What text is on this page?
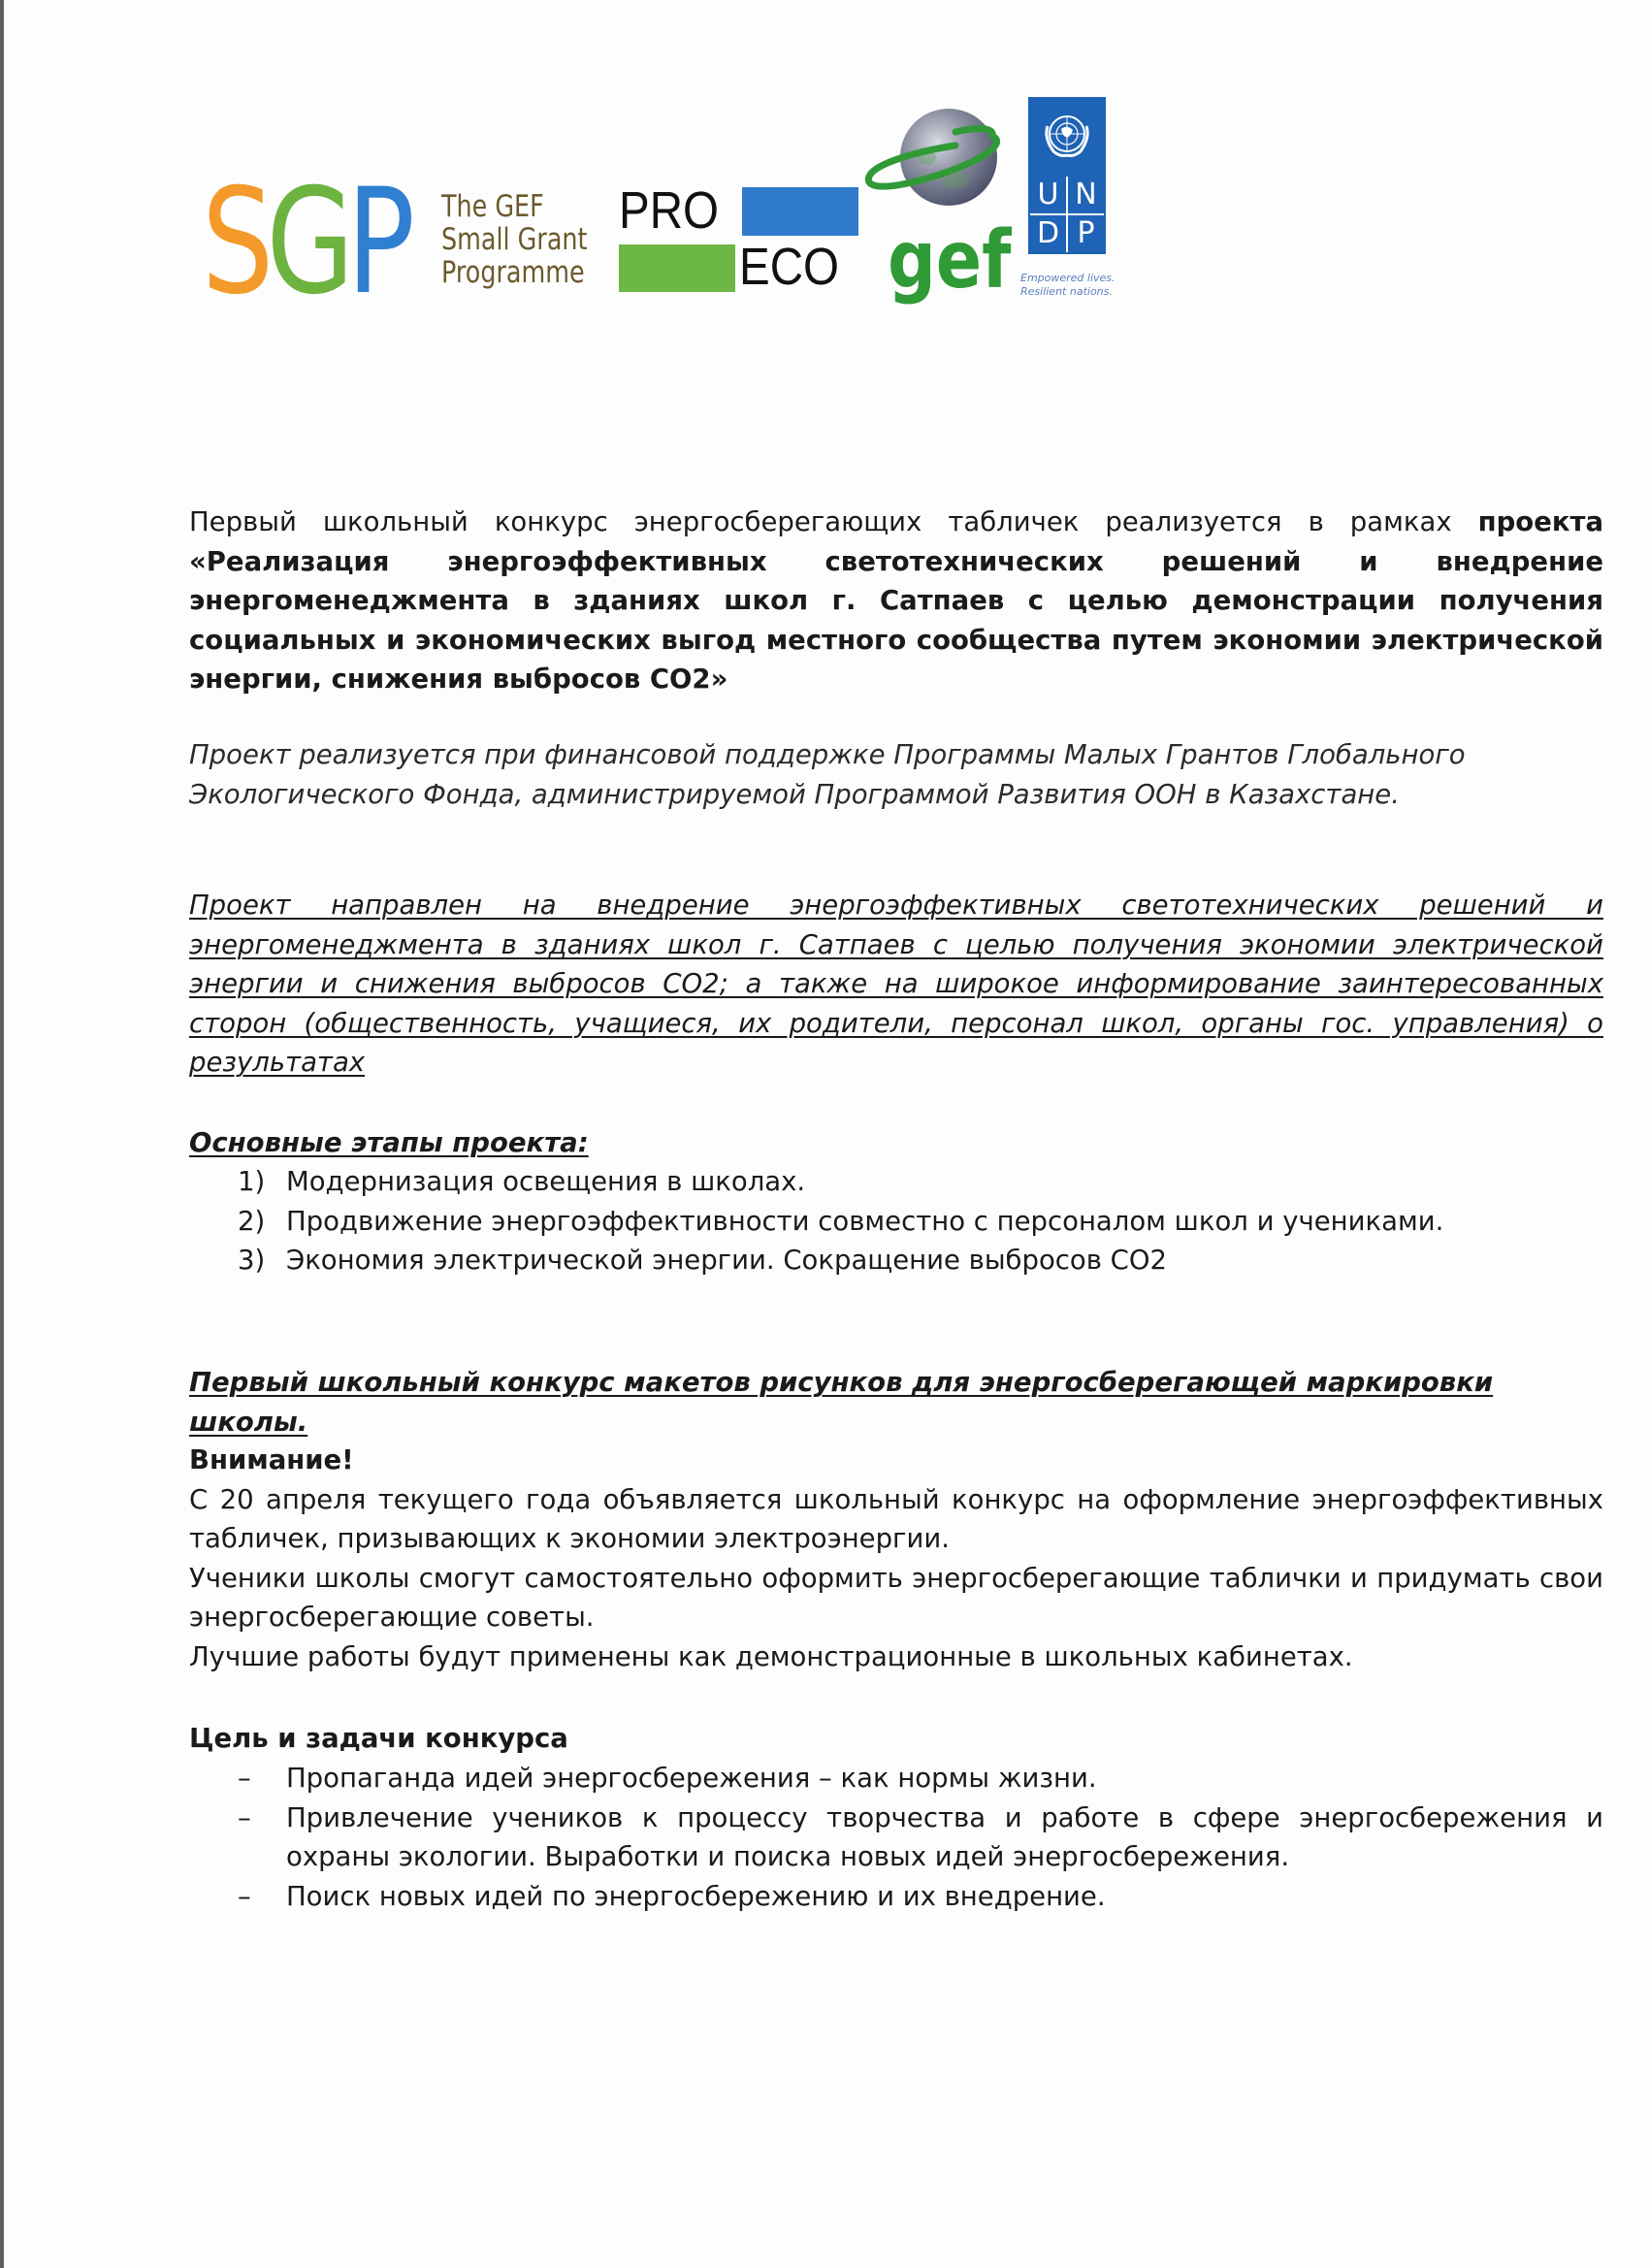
SGP The GEF
Small Grant
Programme
PRO
ECO gef
U N
D P
Empowered lives.
Resilient nations.
Первый школьный конкурс энергосберегающих табличек реализуется в рамках проекта «Реализация энергоэффективных светотехнических решений и внедрение энергоменеджмента в зданиях школ г. Сатпаев с целью демонстрации получения социальных и экономических выгод местного сообщества путем экономии электрической энергии, снижения выбросов СО2»
Проект реализуется при финансовой поддержке Программы Малых Грантов Глобального Экологического Фонда, администрируемой Программой Развития ООН в Казахстане.
Проект направлен на внедрение энергоэффективных светотехнических решений и энергоменеджмента в зданиях школ г. Сатпаев с целью получения экономии электрической энергии и снижения выбросов СО2; а также на широкое информирование заинтересованных сторон (общественность, учащиеся, их родители, персонал школ, органы гос. управления) о результатах
Основные этапы проекта:
1) Модернизация освещения в школах.
2) Продвижение энергоэффективности совместно с персоналом школ и учениками.
3) Экономия электрической энергии. Сокращение выбросов СО2
Первый школьный конкурс макетов рисунков для энергосберегающей маркировки школы.
Внимание!
С 20 апреля текущего года объявляется школьный конкурс на оформление энергоэффективных табличек, призывающих к экономии электроэнергии.
Ученики школы смогут самостоятельно оформить энергосберегающие таблички и придумать свои энергосберегающие советы.
Лучшие работы будут применены как демонстрационные в школьных кабинетах.
Цель и задачи конкурса
– Пропаганда идей энергосбережения – как нормы жизни.
– Привлечение учеников к процессу творчества и работе в сфере энергосбережения и охраны экологии. Выработки и поиска новых идей энергосбережения.
– Поиск новых идей по энергосбережению и их внедрение.
